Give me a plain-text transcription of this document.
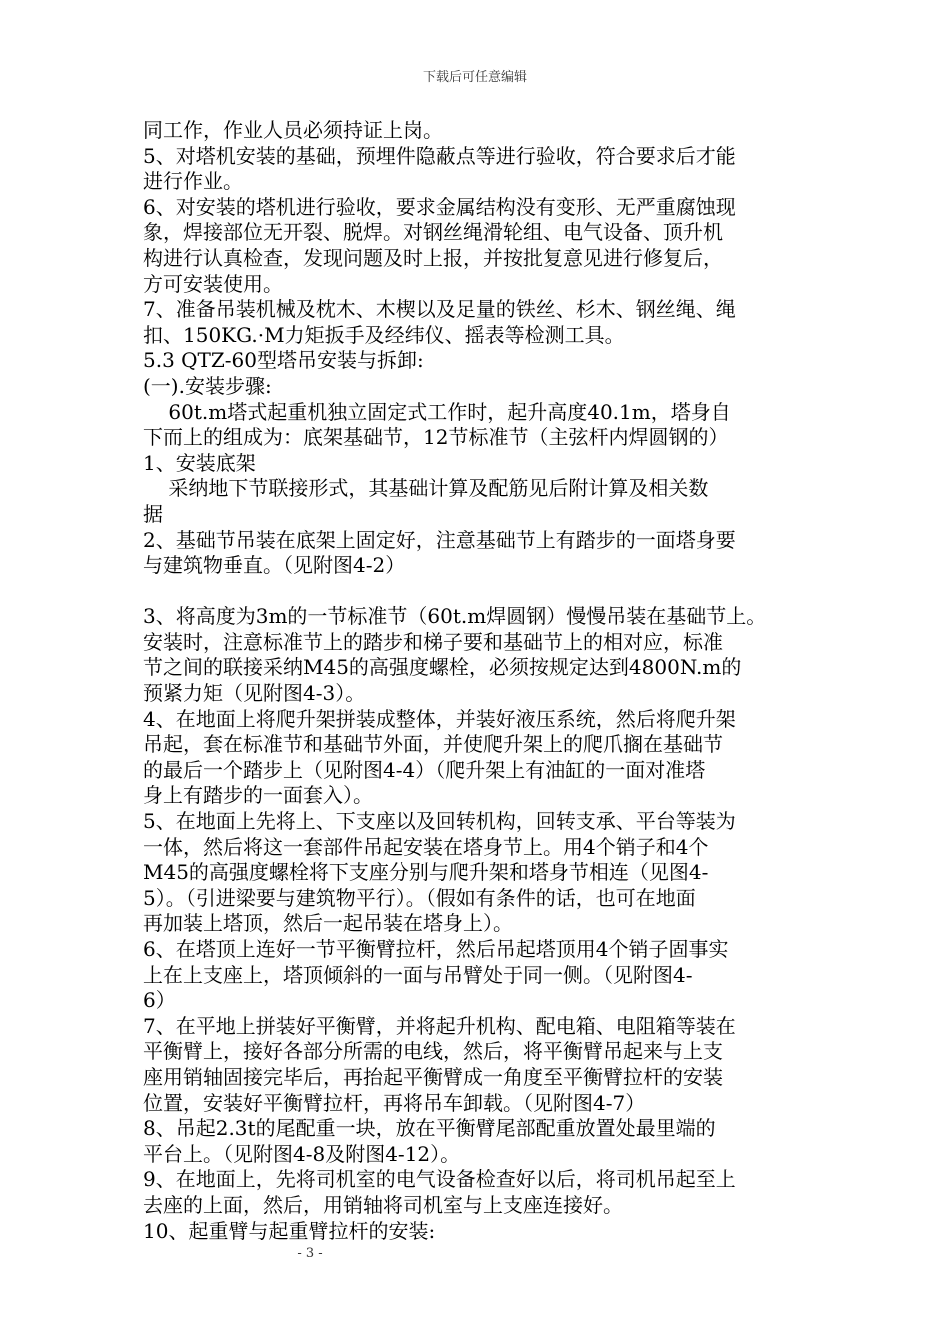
下载后可任意编辑
同工作，作业人员必须持证上岗。
5、对塔机安装的基础，预埋件隐蔽点等进行验收，符合要求后才能
进行作业。
6、对安装的塔机进行验收，要求金属结构没有变形、无严重腐蚀现
象，焊接部位无开裂、脱焊。对钢丝绳滑轮组、电气设备、顶升机
构进行认真检查，发现问题及时上报，并按批复意见进行修复后，
方可安装使用。
7、准备吊装机械及枕木、木楔以及足量的铁丝、杉木、钢丝绳、绳
扣、150KG.·M力矩扳手及经纬仪、摇表等检测工具。
5.3 QTZ-60型塔吊安装与拆卸:
(一).安装步骤:
60t.m塔式起重机独立固定式工作时，起升高度40.1m，塔身自
下而上的组成为：底架基础节，12节标准节（主弦杆内焊圆钢的）
1、安装底架
采纳地下节联接形式，其基础计算及配筋见后附计算及相关数
据
2、基础节吊装在底架上固定好，注意基础节上有踏步的一面塔身要
与建筑物垂直。（见附图4-2）
3、将高度为3m的一节标准节（60t.m焊圆钢）慢慢吊装在基础节上。
安装时，注意标准节上的踏步和梯子要和基础节上的相对应，标准
节之间的联接采纳M45的高强度螺栓，必须按规定达到4800N.m的
预紧力矩（见附图4-3）。
4、在地面上将爬升架拼装成整体，并装好液压系统，然后将爬升架
吊起，套在标准节和基础节外面，并使爬升架上的爬爪搁在基础节
的最后一个踏步上（见附图4-4）（爬升架上有油缸的一面对准塔
身上有踏步的一面套入）。
5、在地面上先将上、下支座以及回转机构，回转支承、平台等装为
一体，然后将这一套部件吊起安装在塔身节上。用4个销子和4个
M45的高强度螺栓将下支座分别与爬升架和塔身节相连（见图4-
5）。（引进梁要与建筑物平行）。（假如有条件的话，也可在地面
再加装上塔顶，然后一起吊装在塔身上）。
6、在塔顶上连好一节平衡臂拉杆，然后吊起塔顶用4个销子固事实
上在上支座上，塔顶倾斜的一面与吊臂处于同一侧。（见附图4-
6）
7、在平地上拼装好平衡臂，并将起升机构、配电箱、电阻箱等装在
平衡臂上，接好各部分所需的电线，然后，将平衡臂吊起来与上支
座用销轴固接完毕后，再抬起平衡臂成一角度至平衡臂拉杆的安装
位置，安装好平衡臂拉杆，再将吊车卸载。（见附图4-7）
8、吊起2.3t的尾配重一块，放在平衡臂尾部配重放置处最里端的
平台上。（见附图4-8及附图4-12）。
9、在地面上，先将司机室的电气设备检查好以后，将司机吊起至上
去座的上面，然后，用销轴将司机室与上支座连接好。
10、起重臂与起重臂拉杆的安装:
- 3 -
